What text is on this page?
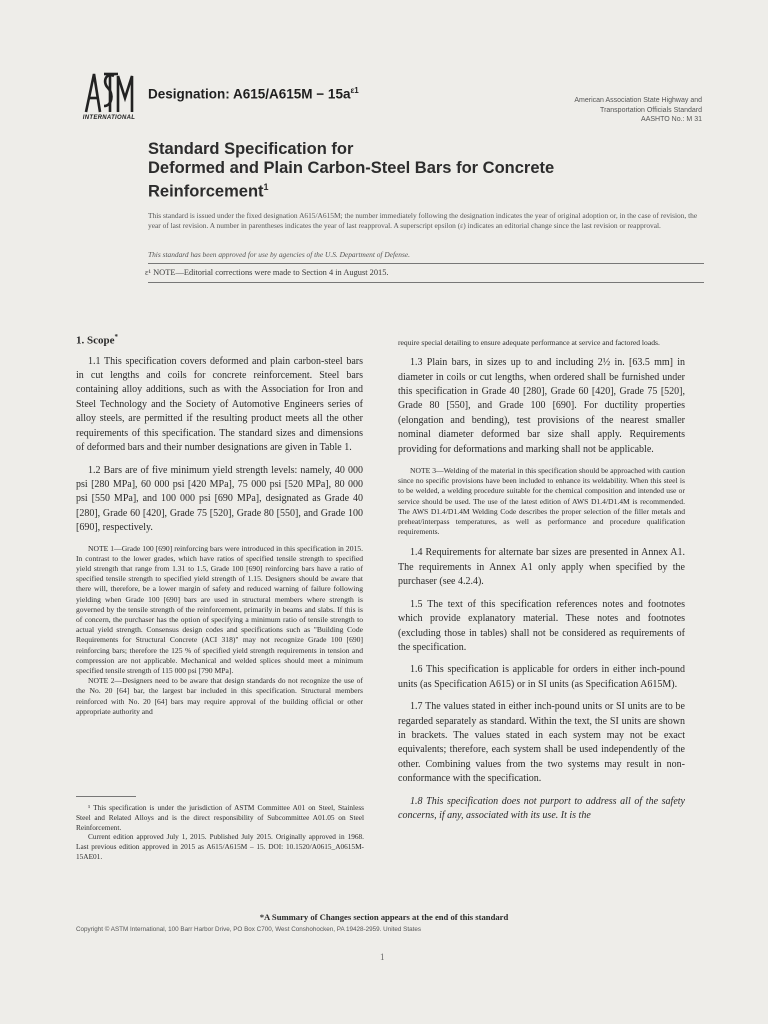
INTERNATIONAL
Designation: $A615/A615M - 15a^{\varepsilon 1}$
American Association State Highway and
Transportation Officials Standard
AASHTO No.: M 31
Standard Specification for
Deformed and Plain Carbon-Steel Bars for Concrete
Reinforcement$^1$
This standard is issued under the fixed designation A615/A615M; the number immediately following the designation indicates the year of original adoption or, in the case of revision, the year of last revision. A number in parentheses indicates the year of last reapproval. A superscript epsilon (ε) indicates an editorial change since the last revision or reapproval.
This standard has been approved for use by agencies of the U.S. Department of Defense.
ε¹ NOTE—Editorial corrections were made to Section 4 in August 2015.
1. Scope*

1.1 This specification covers deformed and plain carbon-steel bars in cut lengths and coils for concrete reinforcement. Steel bars containing alloy additions, such as with the Association for Iron and Steel Technology and the Society of Automotive Engineers series of alloy steels, are permitted if the resulting product meets all the other requirements of this specification. The standard sizes and dimensions of deformed bars and their number designations are given in Table 1.

1.2 Bars are of five minimum yield strength levels: namely, 40 000 psi [280 MPa], 60 000 psi [420 MPa], 75 000 psi [520 MPa], 80 000 psi [550 MPa], and 100 000 psi [690 MPa], designated as Grade 40 [280], Grade 60 [420], Grade 75 [520], Grade 80 [550], and Grade 100 [690], respectively.

NOTE 1—Grade 100 [690] reinforcing bars were introduced in this specification in 2015. In contrast to the lower grades, which have ratios of specified tensile strength to specified yield strength that range from 1.31 to 1.5, Grade 100 [690] reinforcing bars have a ratio of specified tensile strength to specified yield strength of 1.15. Designers should be aware that there will, therefore, be a lower margin of safety and reduced warning of failure following yielding when Grade 100 [690] bars are used in structural members where strength is governed by the tensile strength of the reinforcement, primarily in beams and slabs. If this is of concern, the purchaser has the option of specifying a minimum ratio of tensile strength to actual yield strength. Consensus design codes and specifications such as "Building Code Requirements for Structural Concrete (ACI 318)" may not recognize Grade 100 [690] reinforcing bars; therefore the 125 % of specified yield strength requirements in tension and compression are not applicable. Mechanical and welded splices should meet a minimum specified tensile strength of 115 000 psi [790 MPa].

NOTE 2—Designers need to be aware that design standards do not recognize the use of the No. 20 [64] bar, the largest bar included in this specification. Structural members reinforced with No. 20 [64] bars may require approval of the building official or other appropriate authority and

¹ This specification is under the jurisdiction of ASTM Committee A01 on Steel, Stainless Steel and Related Alloys and is the direct responsibility of Subcommittee A01.05 on Steel Reinforcement.

Current edition approved July 1, 2015. Published July 2015. Originally approved in 1968. Last previous edition approved in 2015 as A615/A615M – 15. DOI: 10.1520/A0615_A0615M-15AE01.

require special detailing to ensure adequate performance at service and factored loads.

1.3 Plain bars, in sizes up to and including 2½ in. [63.5 mm] in diameter in coils or cut lengths, when ordered shall be furnished under this specification in Grade 40 [280], Grade 60 [420], Grade 75 [520], Grade 80 [550], and Grade 100 [690]. For ductility properties (elongation and bending), test provisions of the nearest smaller nominal diameter deformed bar size shall apply. Requirements providing for deformations and marking shall not be applicable.

NOTE 3—Welding of the material in this specification should be approached with caution since no specific provisions have been included to enhance its weldability. When this steel is to be welded, a welding procedure suitable for the chemical composition and intended use or service should be used. The use of the latest edition of AWS D1.4/D1.4M is recommended. The AWS D1.4/D1.4M Welding Code describes the proper selection of the filler metals and preheat/interpass temperatures, as well as performance and procedure qualification requirements.

1.4 Requirements for alternate bar sizes are presented in Annex A1. The requirements in Annex A1 only apply when specified by the purchaser (see 4.2.4).

1.5 The text of this specification references notes and footnotes which provide explanatory material. These notes and footnotes (excluding those in tables) shall not be considered as requirements of the specification.

1.6 This specification is applicable for orders in either inch-pound units (as Specification A615) or in SI units (as Specification A615M).

1.7 The values stated in either inch-pound units or SI units are to be regarded separately as standard. Within the text, the SI units are shown in brackets. The values stated in each system may not be exact equivalents; therefore, each system shall be used independently of the other. Combining values from the two systems may result in non-conformance with the specification.

1.8 This specification does not purport to address all of the safety concerns, if any, associated with its use. It is the

*A Summary of Changes section appears at the end of this standard
Copyright © ASTM International, 100 Barr Harbor Drive, PO Box C700, West Conshohocken, PA 19428-2959. United States
1
